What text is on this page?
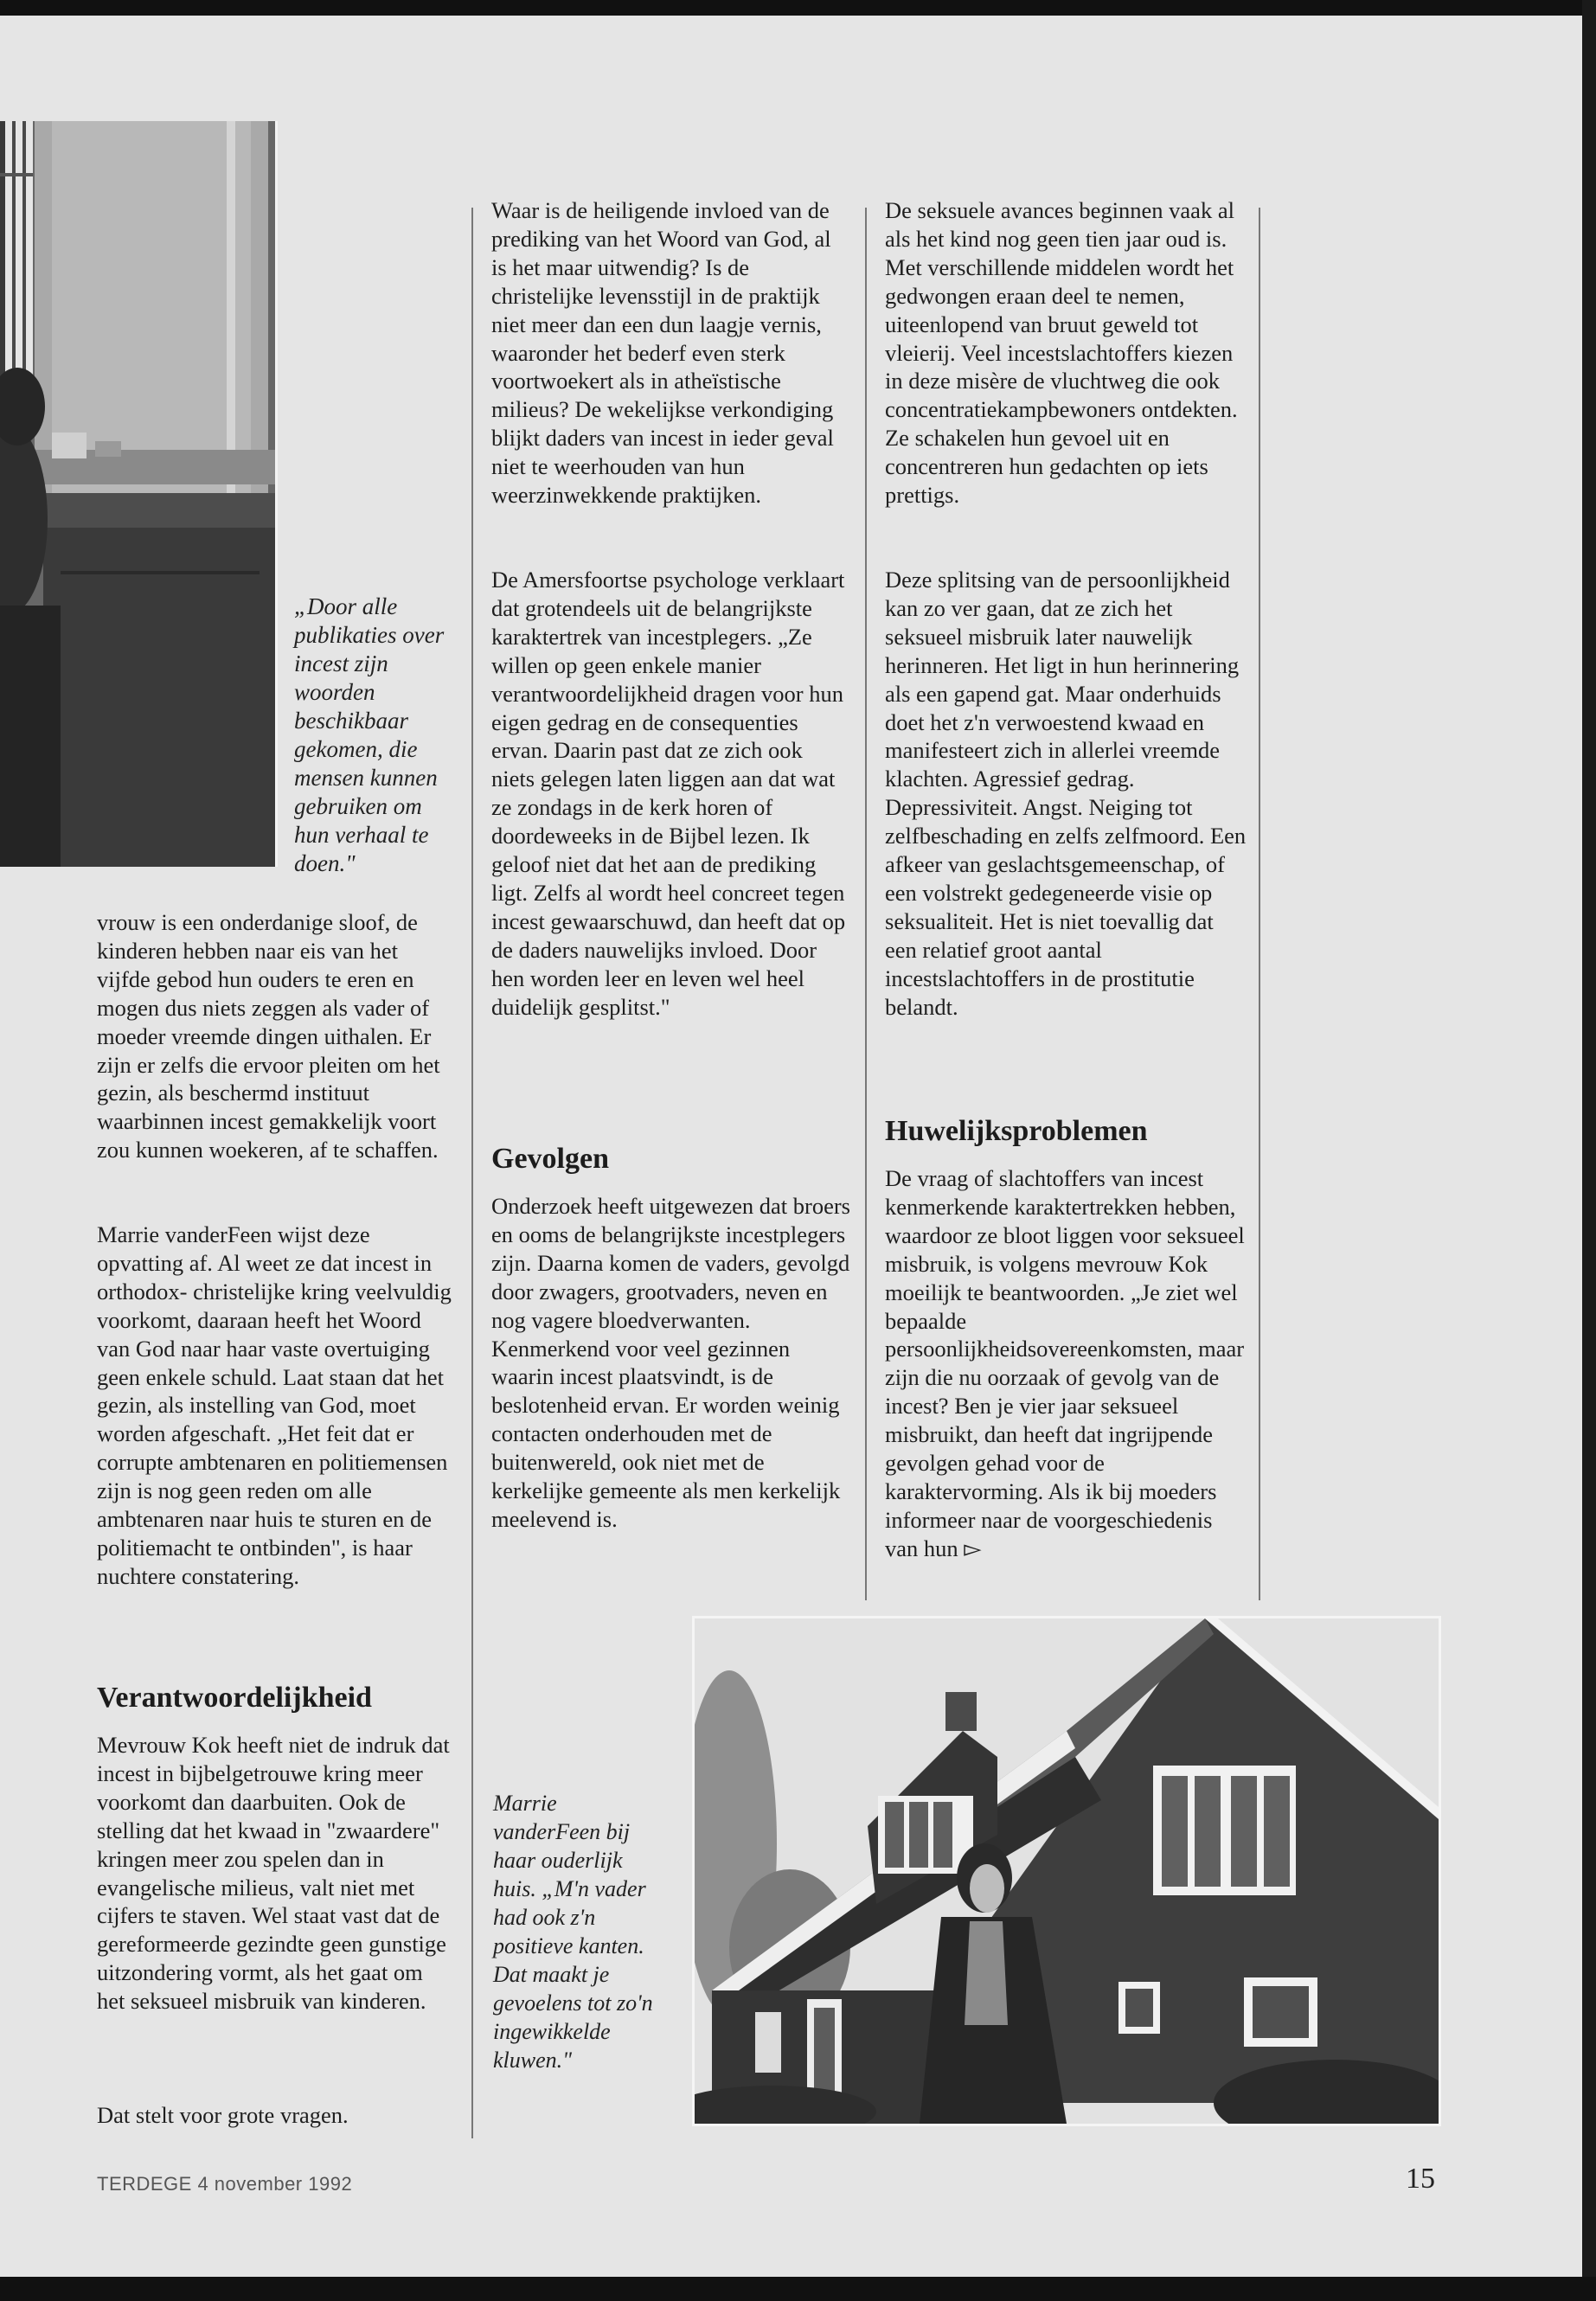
„Door alle publikaties over incest zijn woorden beschikbaar gekomen, die mensen kunnen gebruiken om hun verhaal te doen."

vrouw is een onderdanige sloof, de kinderen hebben naar eis van het vijfde gebod hun ouders te eren en mogen dus niets zeggen als vader of moeder vreemde dingen uithalen. Er zijn er zelfs die ervoor pleiten om het gezin, als beschermd instituut waarbinnen incest gemakkelijk voort zou kunnen woekeren, af te schaffen.

Marrie vanderFeen wijst deze opvatting af. Al weet ze dat incest in orthodox- christelijke kring veelvuldig voorkomt, daaraan heeft het Woord van God naar haar vaste overtuiging geen enkele schuld. Laat staan dat het gezin, als instelling van God, moet worden afgeschaft. „Het feit dat er corrupte ambtenaren en politiemensen zijn is nog geen reden om alle ambtenaren naar huis te sturen en de politiemacht te ontbinden", is haar nuchtere constatering.

Verantwoordelijkheid

Mevrouw Kok heeft niet de indruk dat incest in bijbelgetrouwe kring meer voorkomt dan daarbuiten. Ook de stelling dat het kwaad in "zwaardere" kringen meer zou spelen dan in evangelische milieus, valt niet met cijfers te staven. Wel staat vast dat de gereformeerde gezindte geen gunstige uitzondering vormt, als het gaat om het seksueel misbruik van kinderen.

Dat stelt voor grote vragen.

Waar is de heiligende invloed van de prediking van het Woord van God, al is het maar uitwendig? Is de christelijke levensstijl in de praktijk niet meer dan een dun laagje vernis, waaronder het bederf even sterk voortwoekert als in atheïstische milieus? De wekelijkse verkondiging blijkt daders van incest in ieder geval niet te weerhouden van hun weerzinwekkende praktijken.

De Amersfoortse psychologe verklaart dat grotendeels uit de belangrijkste karaktertrek van incestplegers. „Ze willen op geen enkele manier verantwoordelijkheid dragen voor hun eigen gedrag en de consequenties ervan. Daarin past dat ze zich ook niets gelegen laten liggen aan dat wat ze zondags in de kerk horen of doordeweeks in de Bijbel lezen. Ik geloof niet dat het aan de prediking ligt. Zelfs al wordt heel concreet tegen incest gewaarschuwd, dan heeft dat op de daders nauwelijks invloed. Door hen worden leer en leven wel heel duidelijk gesplitst."

Gevolgen

Onderzoek heeft uitgewezen dat broers en ooms de belangrijkste incestplegers zijn. Daarna komen de vaders, gevolgd door zwagers, grootvaders, neven en nog vagere bloedverwanten. Kenmerkend voor veel gezinnen waarin incest plaatsvindt, is de beslotenheid ervan. Er worden weinig contacten onderhouden met de buitenwereld, ook niet met de kerkelijke gemeente als men kerkelijk meelevend is.

De seksuele avances beginnen vaak al als het kind nog geen tien jaar oud is. Met verschillende middelen wordt het gedwongen eraan deel te nemen, uiteenlopend van bruut geweld tot vleierij. Veel incestslachtoffers kiezen in deze misère de vluchtweg die ook concentratiekampbewoners ontdekten. Ze schakelen hun gevoel uit en concentreren hun gedachten op iets prettigs.

Deze splitsing van de persoonlijkheid kan zo ver gaan, dat ze zich het seksueel misbruik later nauwelijk herinneren. Het ligt in hun herinnering als een gapend gat. Maar onderhuids doet het z'n verwoestend kwaad en manifesteert zich in allerlei vreemde klachten. Agressief gedrag. Depressiviteit. Angst. Neiging tot zelfbeschading en zelfs zelfmoord. Een afkeer van geslachtsgemeenschap, of een volstrekt gedegeneerde visie op seksualiteit. Het is niet toevallig dat een relatief groot aantal incestslachtoffers in de prostitutie belandt.

Huwelijksproblemen

De vraag of slachtoffers van incest kenmerkende karaktertrekken hebben, waardoor ze bloot liggen voor seksueel misbruik, is volgens mevrouw Kok moeilijk te beantwoorden. „Je ziet wel bepaalde persoonlijkheidsovereenkomsten, maar zijn die nu oorzaak of gevolg van de incest? Ben je vier jaar seksueel misbruikt, dan heeft dat ingrijpende gevolgen gehad voor de karaktervorming. Als ik bij moeders informeer naar de voorgeschiedenis van hun ▻

Marrie vanderFeen bij haar ouderlijk huis. „M'n vader had ook z'n positieve kanten. Dat maakt je gevoelens tot zo'n ingewikkelde kluwen."

TERDEGE 4 november 1992	15
